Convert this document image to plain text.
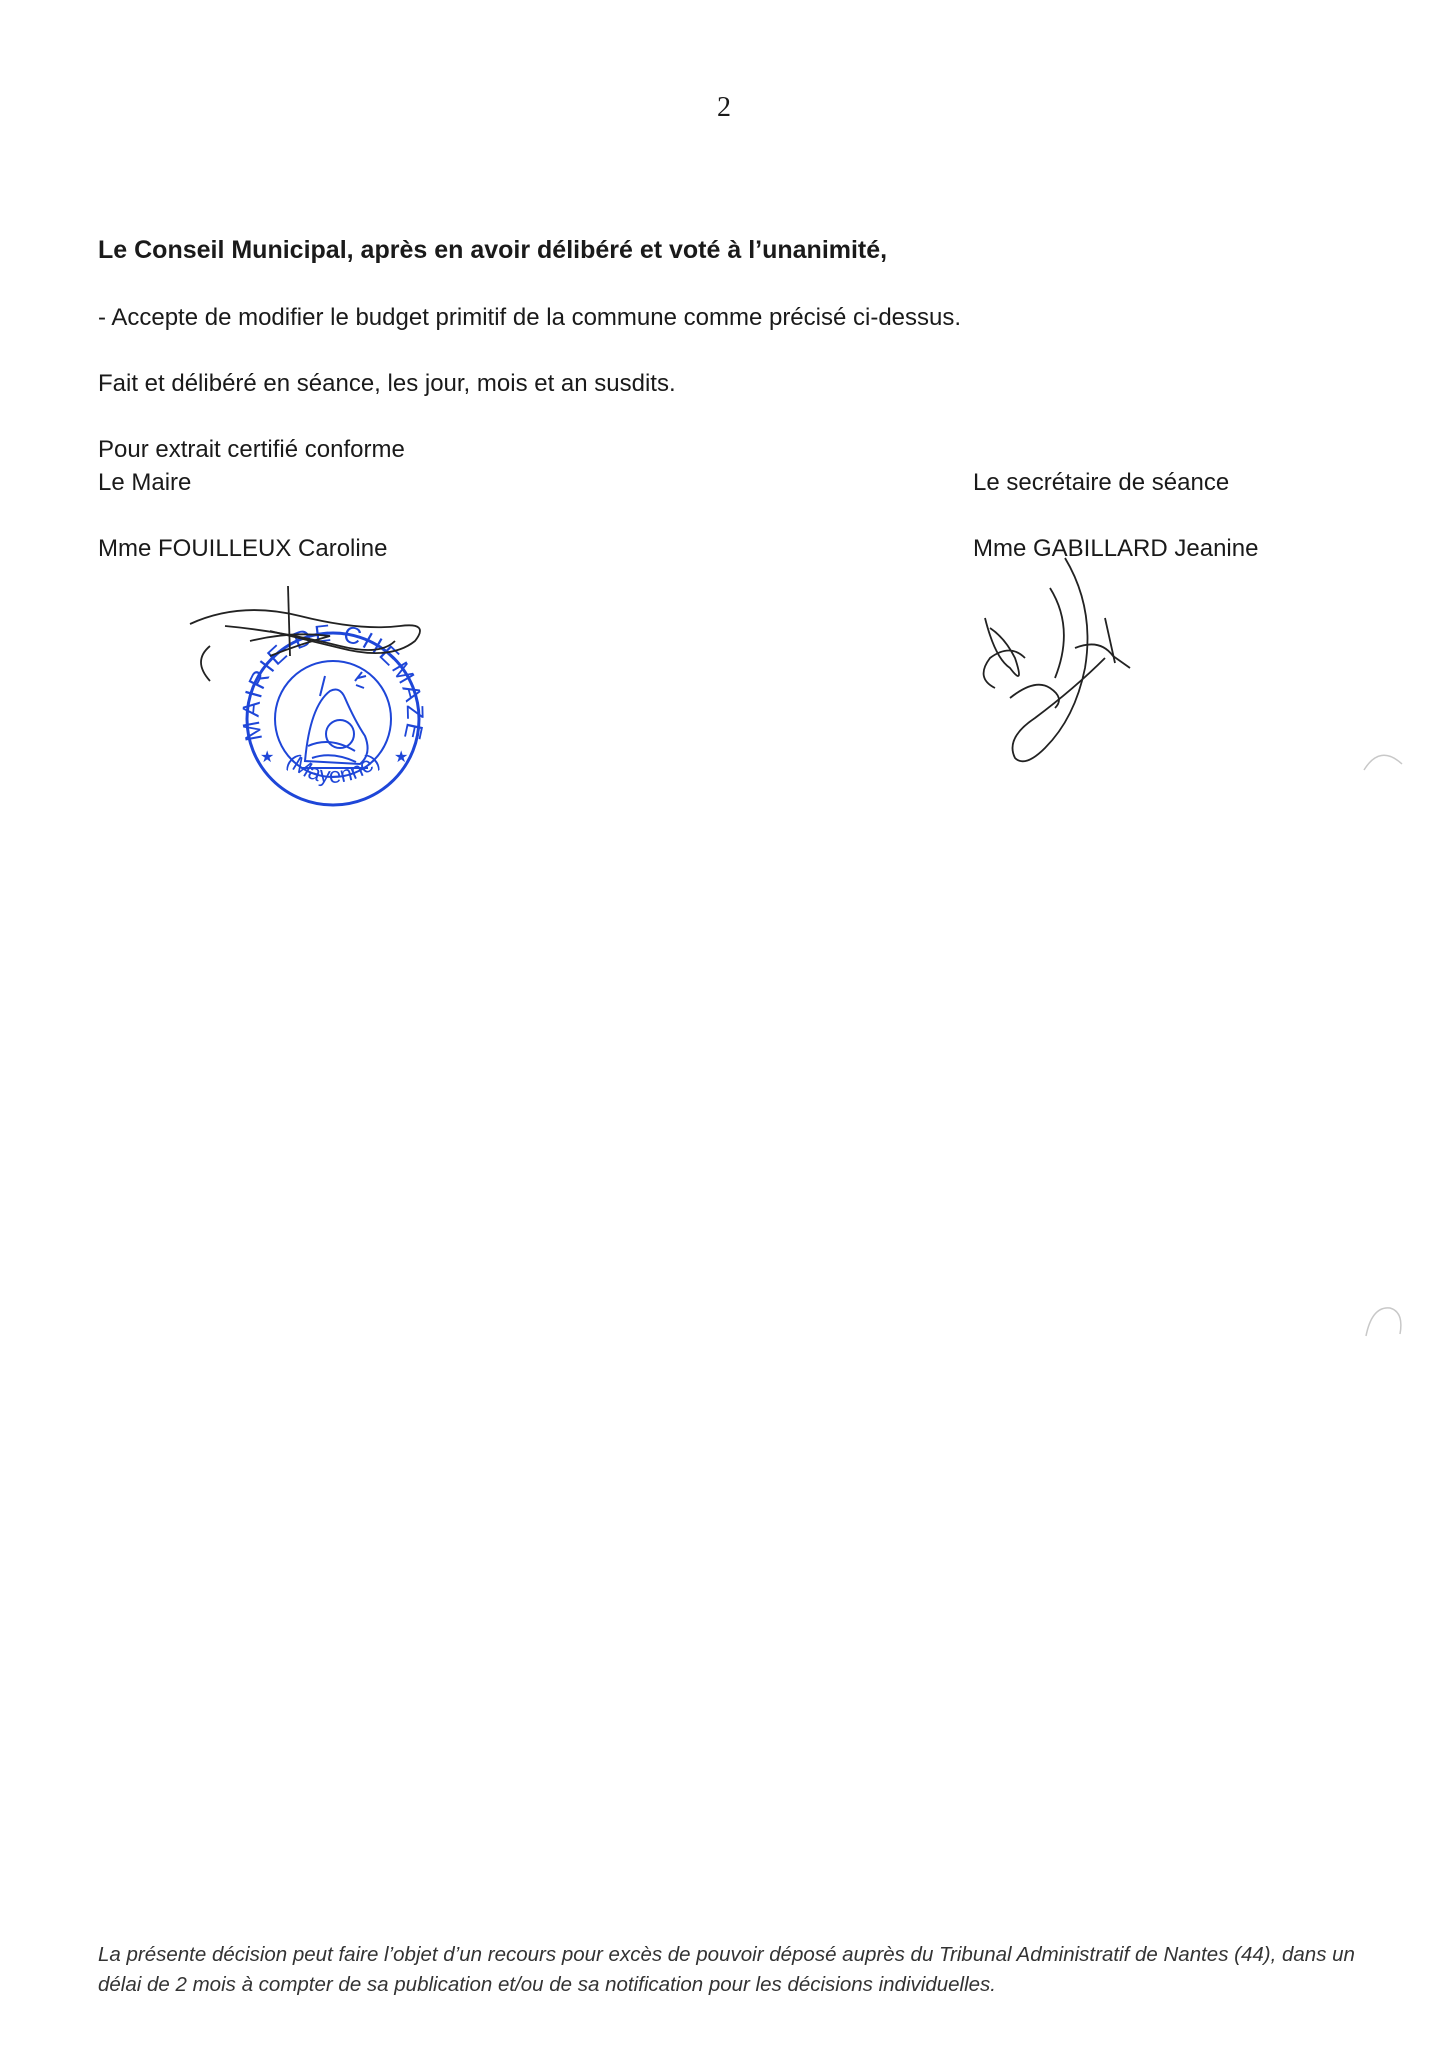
2
Le Conseil Municipal, après en avoir délibéré et voté à l’unanimité,
- Accepte de modifier le budget primitif de la commune comme précisé ci-dessus.
Fait et délibéré en séance, les jour, mois et an susdits.
Pour extrait certifié conforme
Le Maire
Mme FOUILLEUX Caroline
Le secrétaire de séance
Mme GABILLARD Jeanine
MAIRIE DE CHEMAZE
(Mayenne)
★	★
La présente décision peut faire l’objet d’un recours pour excès de pouvoir déposé auprès du Tribunal Administratif de Nantes (44), dans un délai de 2 mois à compter de sa publication et/ou de sa notification pour les décisions individuelles.
